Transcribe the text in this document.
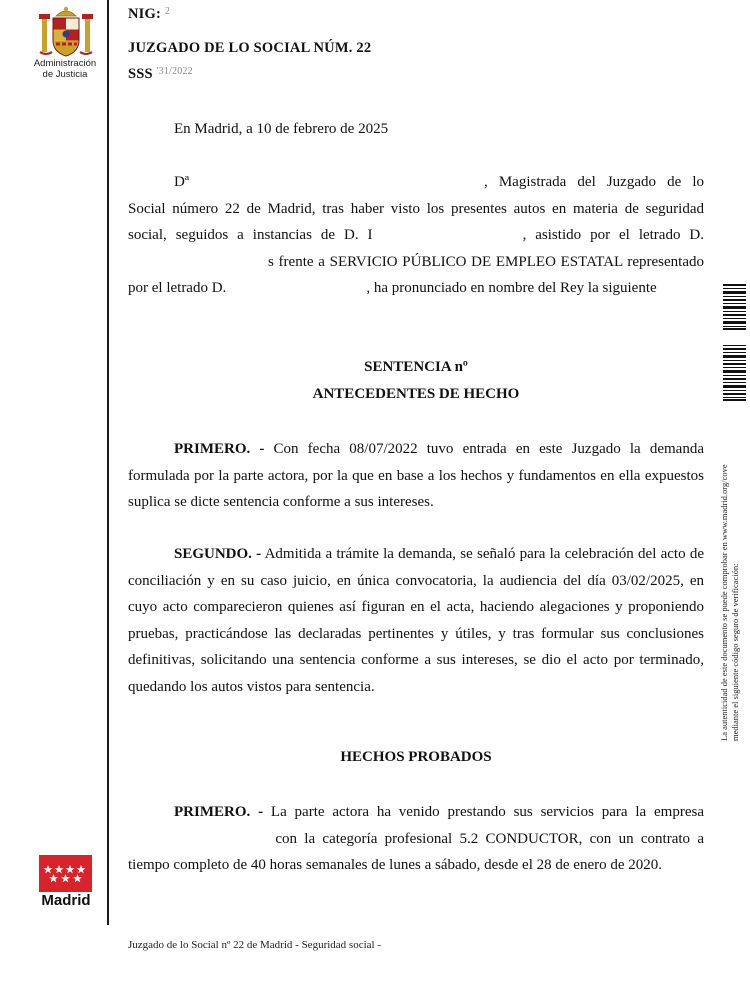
Administración
de Justicia
Madrid
NIG: 2
JUZGADO DE LO SOCIAL NÚM. 22
SSS '31/2022
En Madrid, a 10 de febrero de 2025
Dª	, Magistrada del Juzgado de lo Social número 22 de Madrid, tras haber visto los presentes autos en materia de seguridad social, seguidos a instancias de D. I	, asistido por el letrado D.s frente a SERVICIO PÚBLICO DE EMPLEO ESTATAL representado por el letrado D.	, ha pronunciado en nombre del Rey la siguiente
SENTENCIA nº
ANTECEDENTES DE HECHO
PRIMERO. - Con fecha 08/07/2022 tuvo entrada en este Juzgado la demanda formulada por la parte actora, por la que en base a los hechos y fundamentos en ella expuestos suplica se dicte sentencia conforme a sus intereses.
SEGUNDO. - Admitida a trámite la demanda, se señaló para la celebración del acto de conciliación y en su caso juicio, en única convocatoria, la audiencia del día 03/02/2025, en cuyo acto comparecieron quienes así figuran en el acta, haciendo alegaciones y proponiendo pruebas, practicándose las declaradas pertinentes y útiles, y tras formular sus conclusiones definitivas, solicitando una sentencia conforme a sus intereses, se dio el acto por terminado, quedando los autos vistos para sentencia.
HECHOS PROBADOS
PRIMERO. - La parte actora ha venido prestando sus servicios para la empresa con la categoría profesional 5.2 CONDUCTOR, con un contrato a tiempo completo de 40 horas semanales de lunes a sábado, desde el 28 de enero de 2020.
Juzgado de lo Social nº 22 de Madrid - Seguridad social -
La autenticidad de este documento se puede comprobar en www.madrid.org/cove mediante el siguiente código seguro de verificación:
